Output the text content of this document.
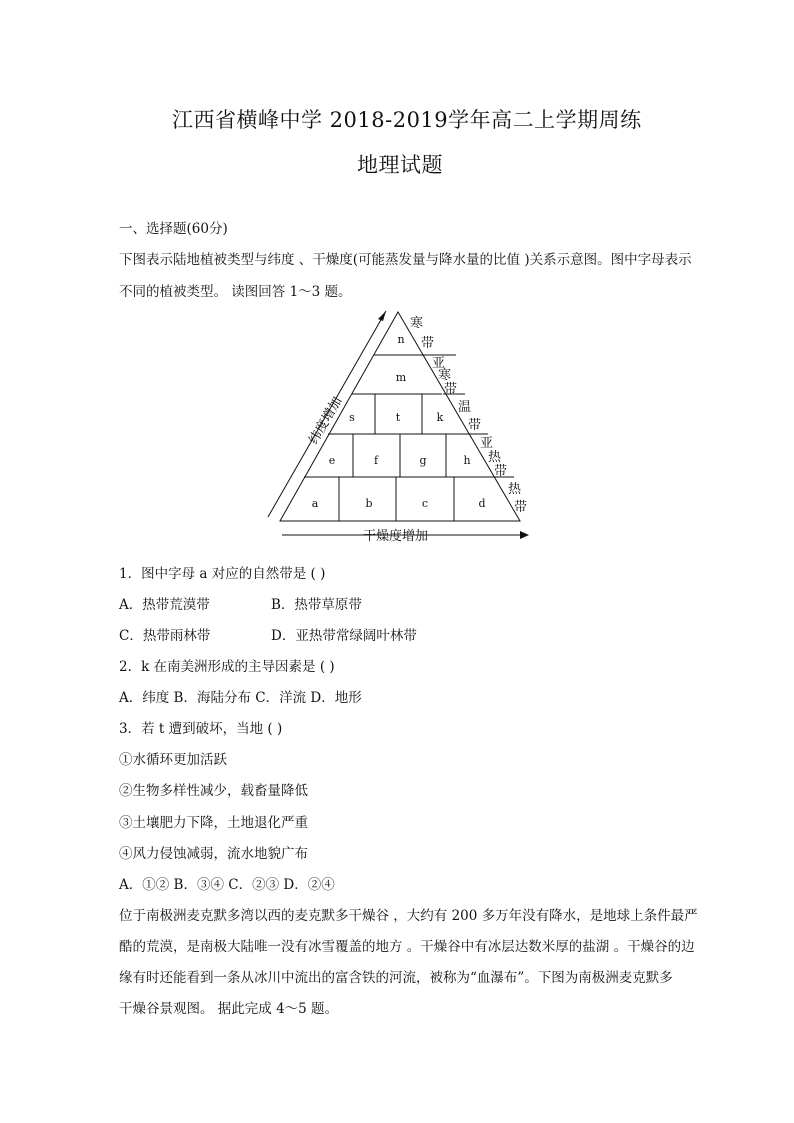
江西省横峰中学 2018-2019学年高二上学期周练
地理试题
一、选择题(60分)
下图表示陆地植被类型与纬度 、干燥度(可能蒸发量与降水量的比值 )关系示意图。图中字母表示
不同的植被类型。 读图回答 1～3 题。
n
m
s	t	k
e	f	g	h
a	b	c	d
寒
带
亚
寒
带
温
带
亚
热
带
热
带
纬度增加
干燥度增加
1．图中字母 a 对应的自然带是 ( )
A．热带荒漠带	B．热带草原带
C．热带雨林带	D．亚热带常绿阔叶林带
2．k 在南美洲形成的主导因素是 ( )
A．纬度 B．海陆分布 C．洋流 D．地形
3．若 t 遭到破坏，当地 ( )
①水循环更加活跃
②生物多样性减少，载畜量降低
③土壤肥力下降，土地退化严重
④风力侵蚀减弱，流水地貌广布
A．①② B．③④ C．②③ D．②④
位于南极洲麦克默多湾以西的麦克默多干燥谷 ，大约有 200 多万年没有降水，是地球上条件最严
酷的荒漠，是南极大陆唯一没有冰雪覆盖的地方 。干燥谷中有冰层达数米厚的盐湖 。干燥谷的边
缘有时还能看到一条从冰川中流出的富含铁的河流，被称为“血瀑布”。下图为南极洲麦克默多
干燥谷景观图。 据此完成 4～5 题。
